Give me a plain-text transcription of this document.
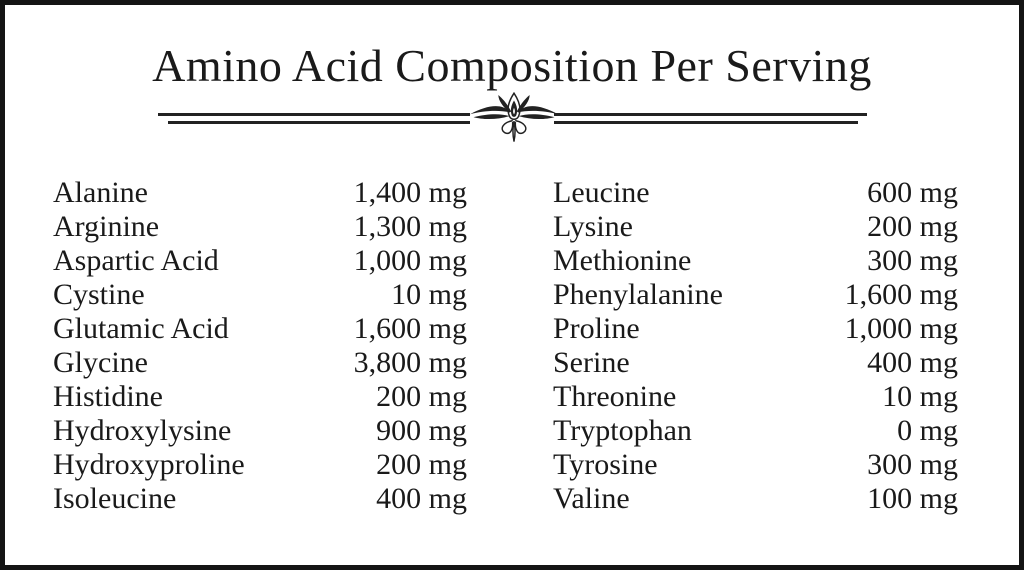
Amino Acid Composition Per Serving
Alanine	1,400 mg
Arginine	1,300 mg
Aspartic Acid	1,000 mg
Cystine	10 mg
Glutamic Acid	1,600 mg
Glycine	3,800 mg
Histidine	200 mg
Hydroxylysine	900 mg
Hydroxyproline	200 mg
Isoleucine	400 mg
Leucine	600 mg
Lysine	200 mg
Methionine	300 mg
Phenylalanine	1,600 mg
Proline	1,000 mg
Serine	400 mg
Threonine	10 mg
Tryptophan	0 mg
Tyrosine	300 mg
Valine	100 mg
